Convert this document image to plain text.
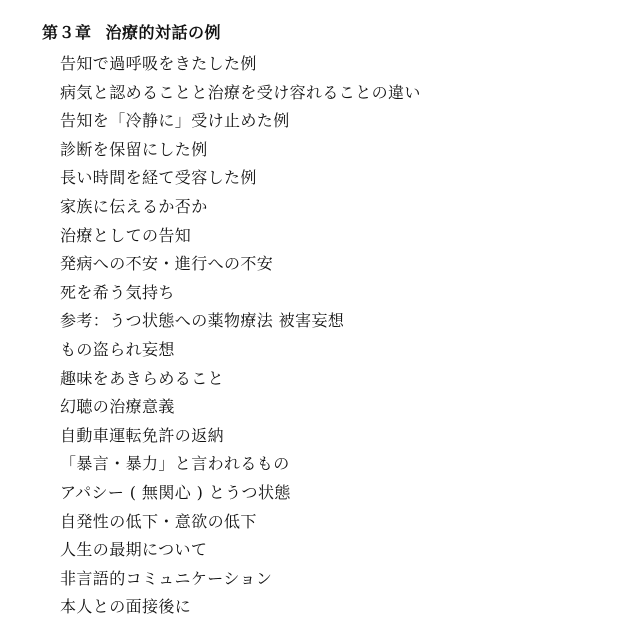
第３章 治療的対話の例
告知で過呼吸をきたした例
病気と認めることと治療を受け容れることの違い
告知を「冷静に」受け止めた例
診断を保留にした例
長い時間を経て受容した例
家族に伝えるか否か
治療としての告知
発病への不安・進行への不安
死を希う気持ち
参考：うつ状態への薬物療法 被害妄想
もの盗られ妄想
趣味をあきらめること
幻聴の治療意義
自動車運転免許の返納
「暴言・暴力」と言われるもの
アパシー ( 無関心 ) とうつ状態
自発性の低下・意欲の低下
人生の最期について
非言語的コミュニケーション
本人との面接後に
